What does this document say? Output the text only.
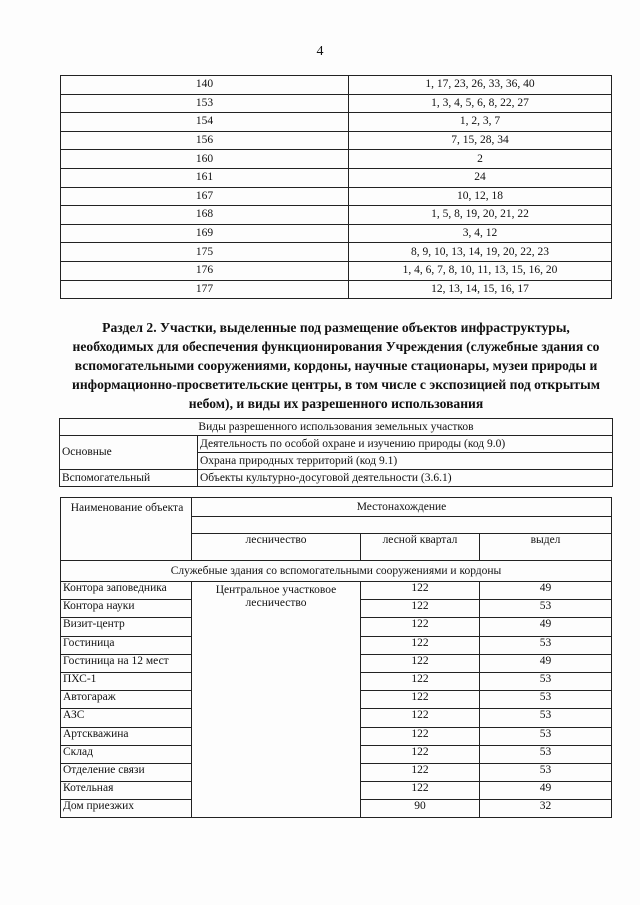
4
140	1, 17, 23, 26, 33, 36, 40
153	1, 3, 4, 5, 6, 8, 22, 27
154	1, 2, 3, 7
156	7, 15, 28, 34
160	2
161	24
167	10, 12, 18
168	1, 5, 8, 19, 20, 21, 22
169	3, 4, 12
175	8, 9, 10, 13, 14, 19, 20, 22, 23
176	1, 4, 6, 7, 8, 10, 11, 13, 15, 16, 20
177	12, 13, 14, 15, 16, 17
Раздел 2. Участки, выделенные под размещение объектов инфраструктуры, необходимых для обеспечения функционирования Учреждения (служебные здания со вспомогательными сооружениями, кордоны, научные стационары, музеи природы и информационно-просветительские центры, в том числе с экспозицией под открытым небом), и виды их разрешенного использования
Виды разрешенного использования земельных участков	
Основные	Деятельность по особой охране и изучению природы (код 9.0)
	Охрана природных территорий (код 9.1)
Вспомогательный	Объекты культурно-досуговой деятельности (3.6.1)
Наименование объекта	Местонахождение		

	лесничество	лесной квартал	выдел
Служебные здания со вспомогательными сооружениями и кордоны			
Контора заповедника	Центральное участковое лесничество	122	49
Контора науки		122	53
Визит-центр		122	49
Гостиница		122	53
Гостиница на 12 мест		122	49
ПХС-1		122	53
Автогараж		122	53
АЗС		122	53
Артскважина		122	53
Склад		122	53
Отделение связи		122	53
Котельная		122	49
Дом приезжих		90	32
